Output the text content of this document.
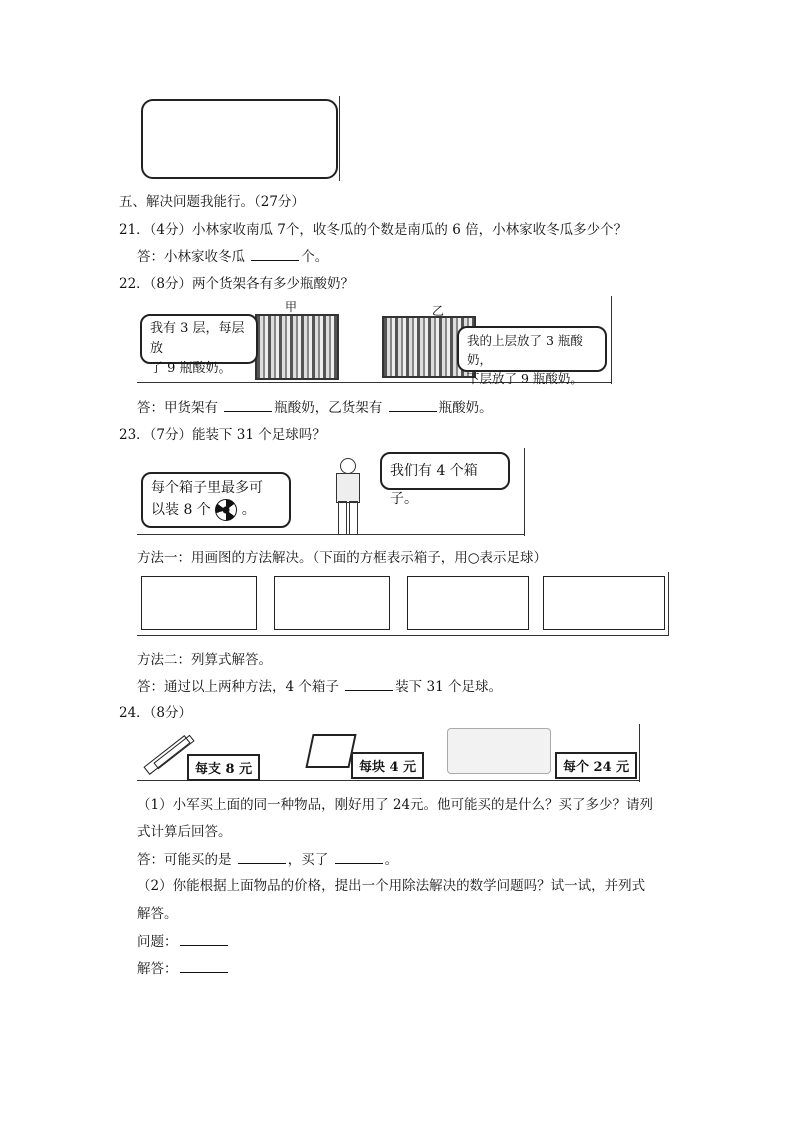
五、解决问题我能行。（27分）
21．（4分）小林家收南瓜 7个，收冬瓜的个数是南瓜的 6 倍，小林家收冬瓜多少个？
答：小林家收冬瓜	个。
22．（8分）两个货架各有多少瓶酸奶？
甲
我有 3 层，每层放
了 9 瓶酸奶。
乙
我的上层放了 3 瓶酸奶，
下层放了 9 瓶酸奶。
答：甲货架有	瓶酸奶，乙货架有	瓶酸奶。
23．（7分）能装下 31 个足球吗？
每个箱子里最多可
以装 8 个 。
我们有 4 个箱子。
方法一：用画图的方法解决。（下面的方框表示箱子，用○表示足球）
方法二：列算式解答。
答：通过以上两种方法，4 个箱子	装下 31 个足球。
24．（8分）
每支 8 元	每块 4 元	每个 24 元
（1）小军买上面的同一种物品，刚好用了 24元。他可能买的是什么？买了多少？请列
式计算后回答。
答：可能买的是	，买了	。
（2）你能根据上面物品的价格，提出一个用除法解决的数学问题吗？试一试，并列式
解答。
问题：
解答：
